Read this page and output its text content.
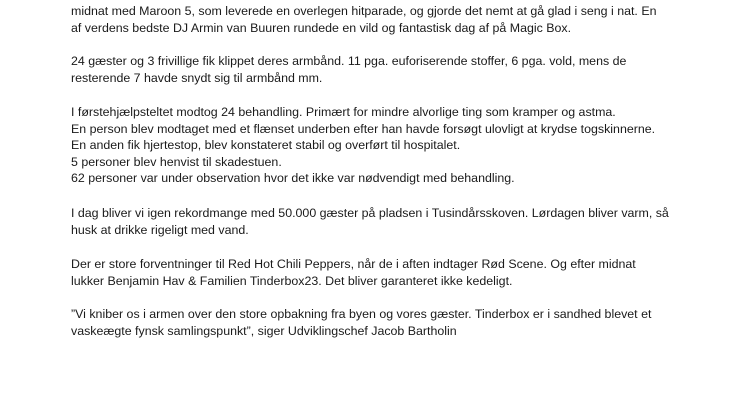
midnat med Maroon 5, som leverede en overlegen hitparade, og gjorde det nemt at gå glad i seng i nat. En
af verdens bedste DJ Armin van Buuren rundede en vild og fantastisk dag af på Magic Box.
24 gæster og 3 frivillige fik klippet deres armbånd. 11 pga. euforiserende stoffer, 6 pga. vold, mens de
resterende 7 havde snydt sig til armbånd mm.
I førstehjælpsteltet modtog 24 behandling. Primært for mindre alvorlige ting som kramper og astma.
En person blev modtaget med et flænset underben efter han havde forsøgt ulovligt at krydse togskinnerne.
En anden fik hjertestop, blev konstateret stabil og overført til hospitalet.
5 personer blev henvist til skadestuen.
62 personer var under observation hvor det ikke var nødvendigt med behandling.
I dag bliver vi igen rekordmange med 50.000 gæster på pladsen i Tusindårsskoven. Lørdagen bliver varm, så
husk at drikke rigeligt med vand.
Der er store forventninger til Red Hot Chili Peppers, når de i aften indtager Rød Scene. Og efter midnat
lukker Benjamin Hav & Familien Tinderbox23. Det bliver garanteret ikke kedeligt.
”Vi kniber os i armen over den store opbakning fra byen og vores gæster. Tinderbox er i sandhed blevet et
vaskeægte fynsk samlingspunkt”, siger Udviklingschef Jacob Bartholin
